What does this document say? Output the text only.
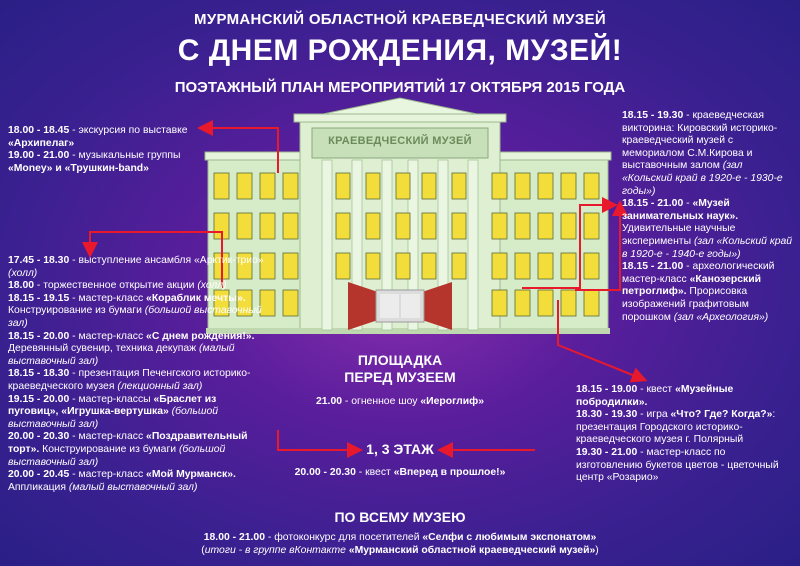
МУРМАНСКИЙ ОБЛАСТНОЙ КРАЕВЕДЧЕСКИЙ МУЗЕЙ
С ДНЕМ РОЖДЕНИЯ, МУЗЕЙ!
ПОЭТАЖНЫЙ ПЛАН МЕРОПРИЯТИЙ 17 ОКТЯБРЯ 2015 ГОДА
КРАЕВЕДЧЕСКИЙ МУЗЕЙ

18.00 - 18.45 - экскурсия по выставке «Архипелаг»

19.00 - 21.00 - музыкальные группы «Money» и «Трушкин-band»

17.45 - 18.30 - выступление ансамбля «Арктик-трио» (холл)

18.00 - торжественное открытие акции (холл)

18.15 - 19.15 - мастер-класс «Кораблик мечты». Конструирование из бумаги (большой выставочный зал)

18.15 - 20.00 - мастер-класс «С днем рождения!». Деревянный сувенир, техника декупаж (малый выставочный зал)

18.15 - 18.30 - презентация Печенгского историко-краеведческого музея (лекционный зал)

19.15 - 20.00 - мастер-классы «Браслет из пуговиц», «Игрушка-вертушка» (большой выставочный зал)

20.00 - 20.30 - мастер-класс «Поздравительный торт». Конструирование из бумаги (большой выставочный зал)

20.00 - 20.45 - мастер-класс «Мой Мурманск». Аппликация (малый выставочный зал)

18.15 - 19.30 - краеведческая викторина: Кировский историко-краеведческий музей с мемориалом С.М.Кирова и выставочным залом (зал «Кольский край в 1920-е - 1930-е годы»)

18.15 - 21.00 - «Музей занимательных наук». Удивительные научные эксперименты (зал «Кольский край в 1920-е - 1940-е годы»)

18.15 - 21.00 - археологический мастер-класс «Канозерский петроглиф». Прорисовка изображений графитовым порошком (зал «Археология»)

18.15 - 19.00 - квест «Музейные побродилки».

18.30 - 19.30 - игра «Что? Где? Когда?»: презентация Городского историко-краеведческого музея г. Полярный

19.30 - 21.00 - мастер-класс по изготовлению букетов цветов - цветочный центр «Розарио»

ПЛОЩАДКА
ПЕРЕД МУЗЕЕМ
21.00 - огненное шоу «Иероглиф»
1, 3 ЭТАЖ
20.00 - 20.30 - квест «Вперед в прошлое!»
ПО ВСЕМУ МУЗЕЮ

18.00 - 21.00 - фотоконкурс для посетителей «Селфи с любимым экспонатом»

(итоги - в группе вКонтакте «Мурманский областной краеведческий музей»)
